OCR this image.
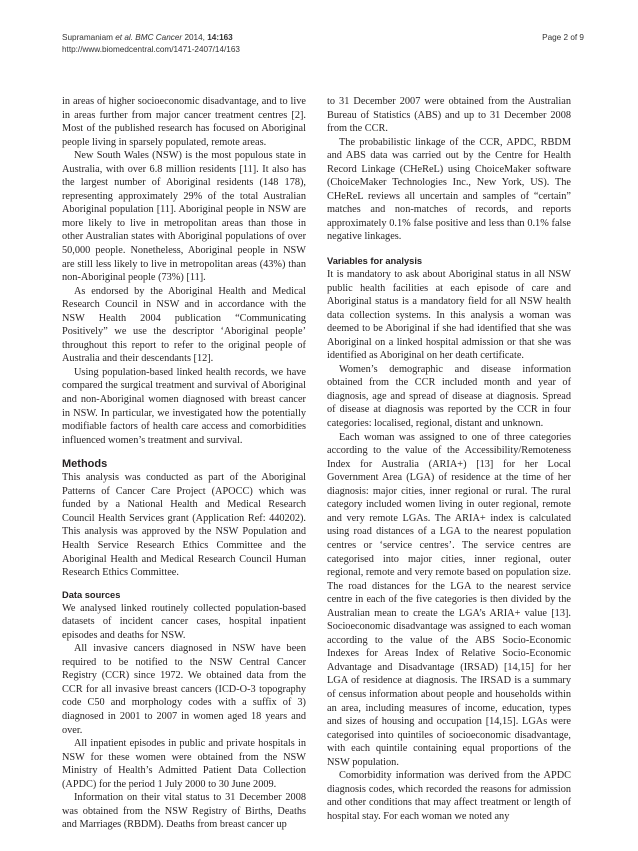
Supramaniam et al. BMC Cancer 2014, 14:163
http://www.biomedcentral.com/1471-2407/14/163
Page 2 of 9

in areas of higher socioeconomic disadvantage, and to live in areas further from major cancer treatment centres [2]. Most of the published research has focused on Aboriginal people living in sparsely populated, remote areas.

New South Wales (NSW) is the most populous state in Australia, with over 6.8 million residents [11]. It also has the largest number of Aboriginal residents (148 178), representing approximately 29% of the total Australian Aboriginal population [11]. Aboriginal people in NSW are more likely to live in metropolitan areas than those in other Australian states with Aboriginal populations of over 50,000 people. Nonetheless, Aboriginal people in NSW are still less likely to live in metropolitan areas (43%) than non-Aboriginal people (73%) [11].

As endorsed by the Aboriginal Health and Medical Research Council in NSW and in accordance with the NSW Health 2004 publication “Communicating Positively” we use the descriptor ‘Aboriginal people’ throughout this report to refer to the original people of Australia and their descendants [12].

Using population-based linked health records, we have compared the surgical treatment and survival of Aboriginal and non-Aboriginal women diagnosed with breast cancer in NSW. In particular, we investigated how the potentially modifiable factors of health care access and comorbidities influenced women’s treatment and survival.

Methods

This analysis was conducted as part of the Aboriginal Patterns of Cancer Care Project (APOCC) which was funded by a National Health and Medical Research Council Health Services grant (Application Ref: 440202). This analysis was approved by the NSW Population and Health Service Research Ethics Committee and the Aboriginal Health and Medical Research Council Human Research Ethics Committee.

Data sources

We analysed linked routinely collected population-based datasets of incident cancer cases, hospital inpatient episodes and deaths for NSW.

All invasive cancers diagnosed in NSW have been required to be notified to the NSW Central Cancer Registry (CCR) since 1972. We obtained data from the CCR for all invasive breast cancers (ICD-O-3 topography code C50 and morphology codes with a suffix of 3) diagnosed in 2001 to 2007 in women aged 18 years and over.

All inpatient episodes in public and private hospitals in NSW for these women were obtained from the NSW Ministry of Health’s Admitted Patient Data Collection (APDC) for the period 1 July 2000 to 30 June 2009.

Information on their vital status to 31 December 2008 was obtained from the NSW Registry of Births, Deaths and Marriages (RBDM). Deaths from breast cancer up

to 31 December 2007 were obtained from the Australian Bureau of Statistics (ABS) and up to 31 December 2008 from the CCR.

The probabilistic linkage of the CCR, APDC, RBDM and ABS data was carried out by the Centre for Health Record Linkage (CHeReL) using ChoiceMaker software (ChoiceMaker Technologies Inc., New York, US). The CHeReL reviews all uncertain and samples of “certain” matches and non-matches of records, and reports approximately 0.1% false positive and less than 0.1% false negative linkages.

Variables for analysis

It is mandatory to ask about Aboriginal status in all NSW public health facilities at each episode of care and Aboriginal status is a mandatory field for all NSW health data collection systems. In this analysis a woman was deemed to be Aboriginal if she had identified that she was Aboriginal on a linked hospital admission or that she was identified as Aboriginal on her death certificate.

Women’s demographic and disease information obtained from the CCR included month and year of diagnosis, age and spread of disease at diagnosis. Spread of disease at diagnosis was reported by the CCR in four categories: localised, regional, distant and unknown.

Each woman was assigned to one of three categories according to the value of the Accessibility/Remoteness Index for Australia (ARIA+) [13] for her Local Government Area (LGA) of residence at the time of her diagnosis: major cities, inner regional or rural. The rural category included women living in outer regional, remote and very remote LGAs. The ARIA+ index is calculated using road distances of a LGA to the nearest population centres or ‘service centres’. The service centres are categorised into major cities, inner regional, outer regional, remote and very remote based on population size. The road distances for the LGA to the nearest service centre in each of the five categories is then divided by the Australian mean to create the LGA’s ARIA+ value [13]. Socioeconomic disadvantage was assigned to each woman according to the value of the ABS Socio-Economic Indexes for Areas Index of Relative Socio-Economic Advantage and Disadvantage (IRSAD) [14,15] for her LGA of residence at diagnosis. The IRSAD is a summary of census information about people and households within an area, including measures of income, education, types and sizes of housing and occupation [14,15]. LGAs were categorised into quintiles of socioeconomic disadvantage, with each quintile containing equal proportions of the NSW population.

Comorbidity information was derived from the APDC diagnosis codes, which recorded the reasons for admission and other conditions that may affect treatment or length of hospital stay. For each woman we noted any
